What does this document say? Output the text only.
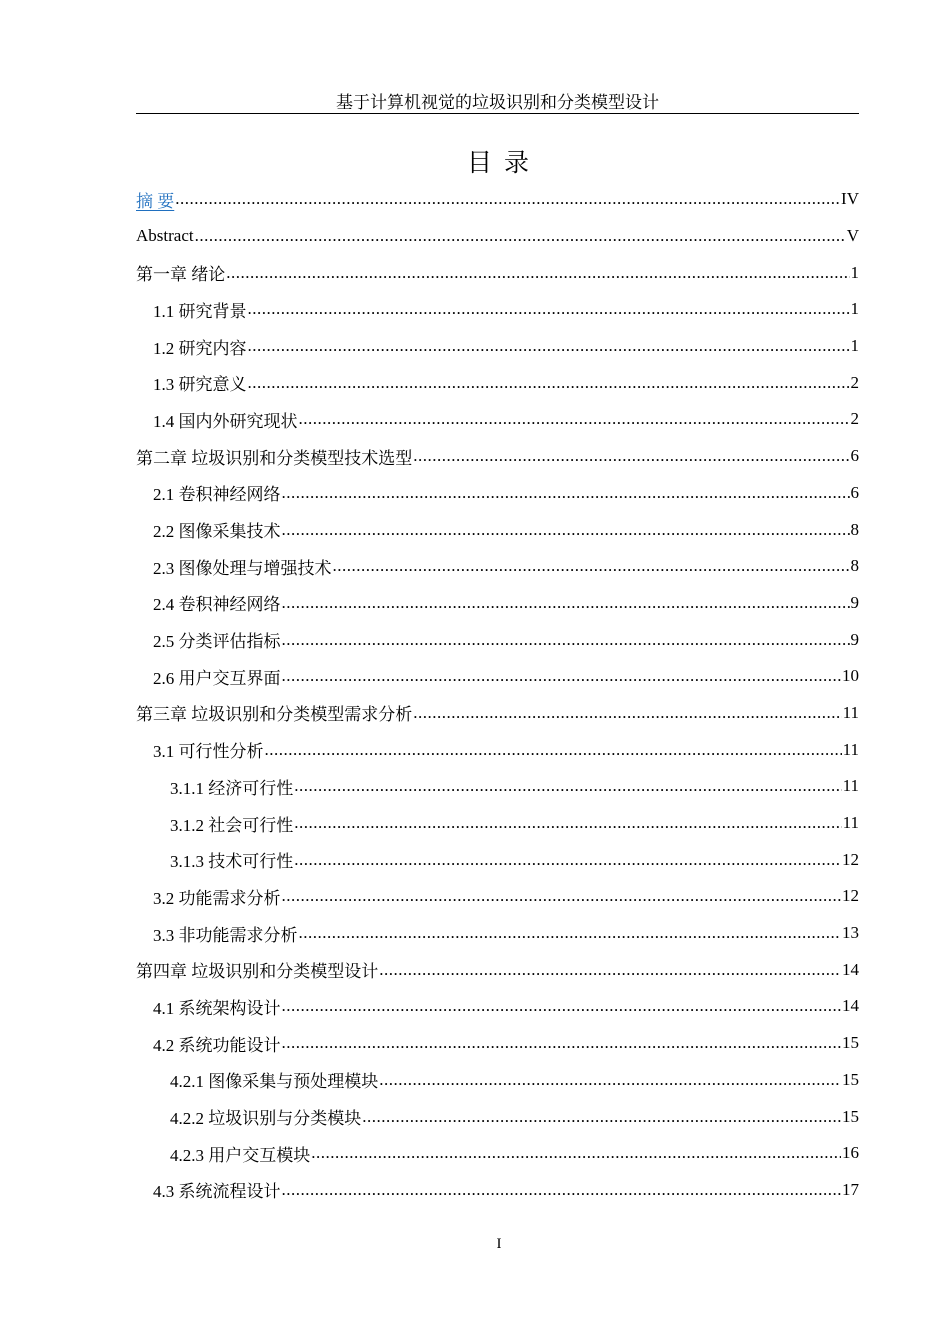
基于计算机视觉的垃圾识别和分类模型设计
目 录
摘 要 .....	IV
Abstract .....	V
第一章 绪论 .....	1
1.1 研究背景 .....	1
1.2 研究内容 .....	1
1.3 研究意义 .....	2
1.4 国内外研究现状 .....	2
第二章 垃圾识别和分类模型技术选型 .....	6
2.1 卷积神经网络 .....	6
2.2 图像采集技术 .....	8
2.3 图像处理与增强技术 .....	8
2.4 卷积神经网络 .....	9
2.5 分类评估指标 .....	9
2.6 用户交互界面 .....	10
第三章 垃圾识别和分类模型需求分析 .....	11
3.1 可行性分析 .....	11
3.1.1 经济可行性 .....	11
3.1.2 社会可行性 .....	11
3.1.3 技术可行性 .....	12
3.2 功能需求分析 .....	12
3.3 非功能需求分析 .....	13
第四章 垃圾识别和分类模型设计 .....	14
4.1 系统架构设计 .....	14
4.2 系统功能设计 .....	15
4.2.1 图像采集与预处理模块 .....	15
4.2.2 垃圾识别与分类模块 .....	15
4.2.3 用户交互模块 .....	16
4.3 系统流程设计 .....	17
I
